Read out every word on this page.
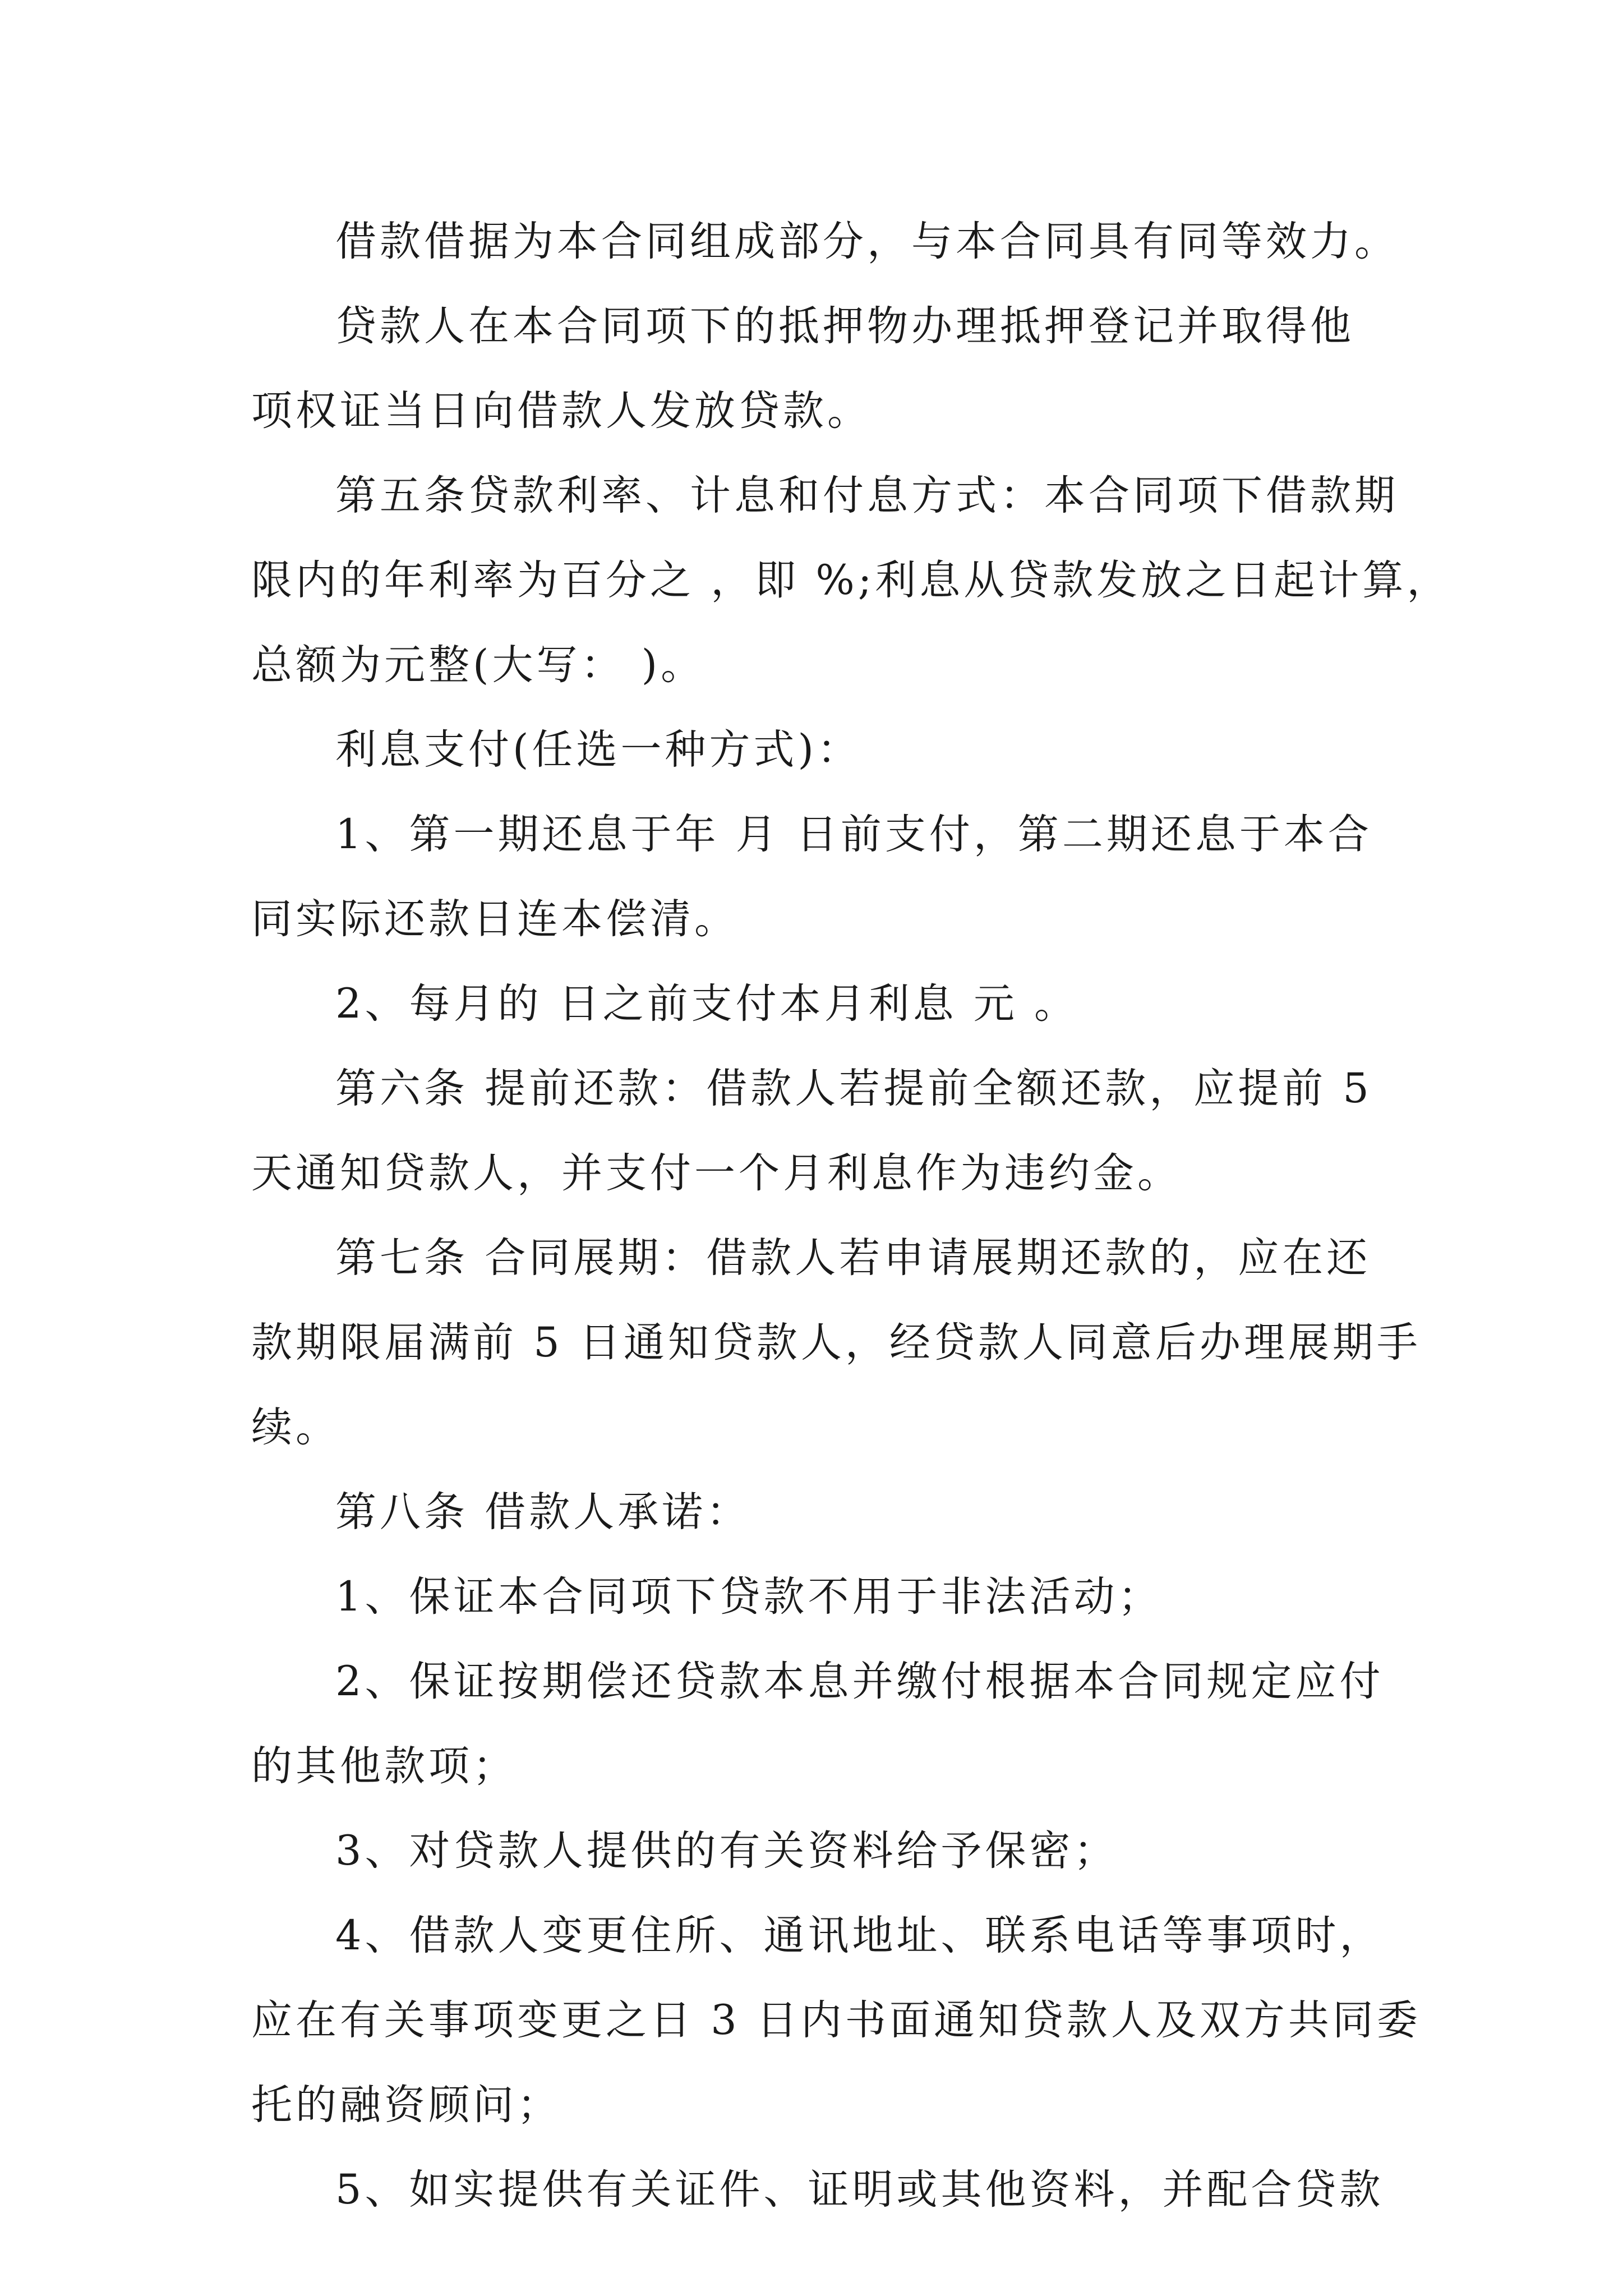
借款借据为本合同组成部分，与本合同具有同等效力。
贷款人在本合同项下的抵押物办理抵押登记并取得他
项权证当日向借款人发放贷款。
第五条贷款利率、计息和付息方式：本合同项下借款期
限内的年利率为百分之 ，即 %;利息从贷款发放之日起计算，
总额为元整(大写： )。
利息支付(任选一种方式)：
1、第一期还息于年 月 日前支付，第二期还息于本合
同实际还款日连本偿清。
2、每月的 日之前支付本月利息 元 。
第六条 提前还款：借款人若提前全额还款，应提前 5
天通知贷款人，并支付一个月利息作为违约金。
第七条 合同展期：借款人若申请展期还款的，应在还
款期限届满前 5 日通知贷款人，经贷款人同意后办理展期手
续。
第八条 借款人承诺：
1、保证本合同项下贷款不用于非法活动；
2、保证按期偿还贷款本息并缴付根据本合同规定应付
的其他款项；
3、对贷款人提供的有关资料给予保密；
4、借款人变更住所、通讯地址、联系电话等事项时，
应在有关事项变更之日 3 日内书面通知贷款人及双方共同委
托的融资顾问；
5、如实提供有关证件、证明或其他资料，并配合贷款
